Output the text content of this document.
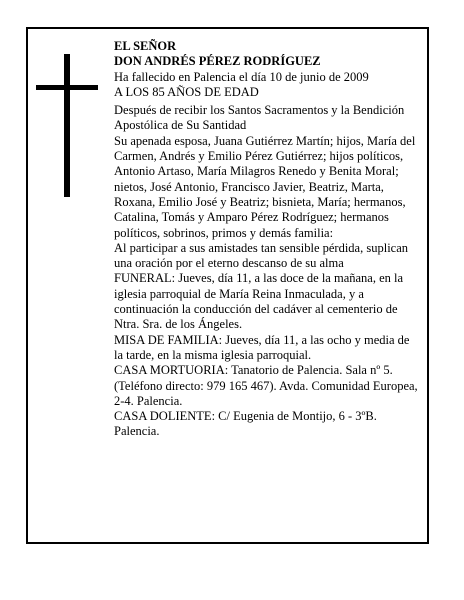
EL SEÑOR

DON ANDRÉS PÉREZ RODRÍGUEZ

Ha fallecido en Palencia el día 10 de junio de 2009

A LOS 85 AÑOS DE EDAD

Después de recibir los Santos Sacramentos y la Bendición Apostólica de Su Santidad

Su apenada esposa, Juana Gutiérrez Martín; hijos, María del Carmen, Andrés y Emilio Pérez Gutiérrez; hijos políticos, Antonio Artaso, María Milagros Renedo y Benita Moral; nietos, José Antonio, Francisco Javier, Beatriz, Marta, Roxana, Emilio José y Beatriz; bisnieta, María; hermanos, Catalina, Tomás y Amparo Pérez Rodríguez; hermanos políticos, sobrinos, primos y demás familia:

Al participar a sus amistades tan sensible pérdida, suplican una oración por el eterno descanso de su alma

FUNERAL: Jueves, día 11, a las doce de la mañana, en la iglesia parroquial de María Reina Inmaculada, y a continuación la conducción del cadáver al cementerio de Ntra. Sra. de los Ángeles.

MISA DE FAMILIA: Jueves, día 11, a las ocho y media de la tarde, en la misma iglesia parroquial.

CASA MORTUORIA: Tanatorio de Palencia. Sala nº 5. (Teléfono directo: 979 165 467). Avda. Comunidad Europea, 2-4. Palencia.

CASA DOLIENTE: C/ Eugenia de Montijo, 6 - 3ºB. Palencia.
